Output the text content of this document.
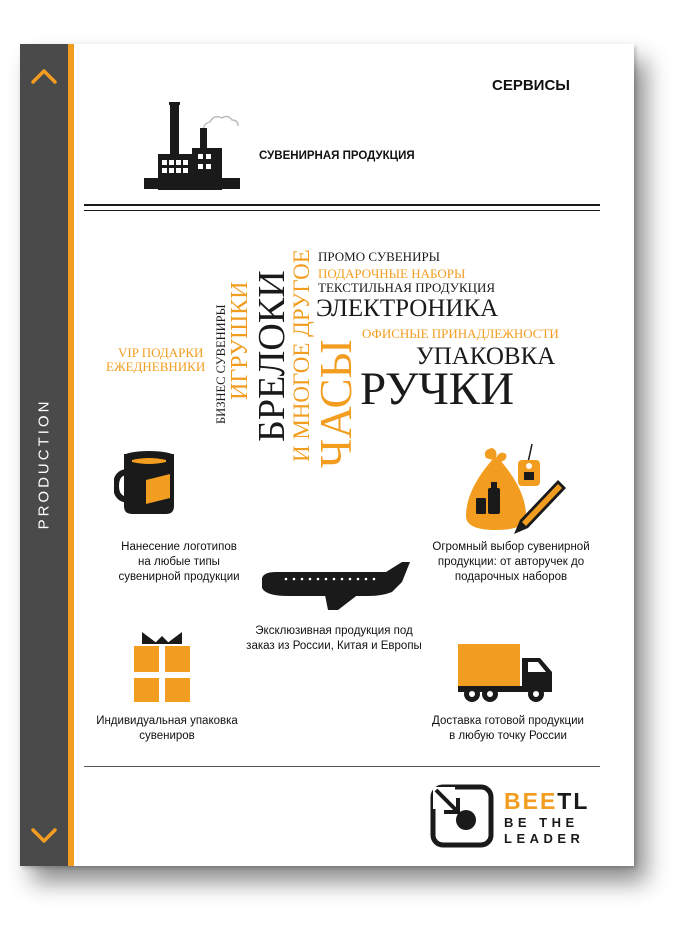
PRODUCTION
СЕРВИСЫ
СУВЕНИРНАЯ ПРОДУКЦИЯ
ПРОМО СУВЕНИРЫ
ПОДАРОЧНЫЕ НАБОРЫ
ТЕКСТИЛЬНАЯ ПРОДУКЦИЯ
ЭЛЕКТРОНИКА
ОФИСНЫЕ ПРИНАДЛЕЖНОСТИ
УПАКОВКА
РУЧКИ
VIP ПОДАРКИ
ЕЖЕДНЕВНИКИ БИЗНЕС СУВЕНИРЫ ИГРУШКИ
БРЕЛОКИ
И МНОГОЕ ДРУГОЕ
ЧАСЫ
Нанесение логотипов
на любые типы
сувенирной продукции
Огромный выбор сувенирной
продукции: от авторучек до
подарочных наборов
Эксклюзивная продукция под
заказ из России, Китая и Европы
Индивидуальная упаковка
сувениров
Доставка готовой продукции
в любую точку России
BEETL
BE THE
LEADER
